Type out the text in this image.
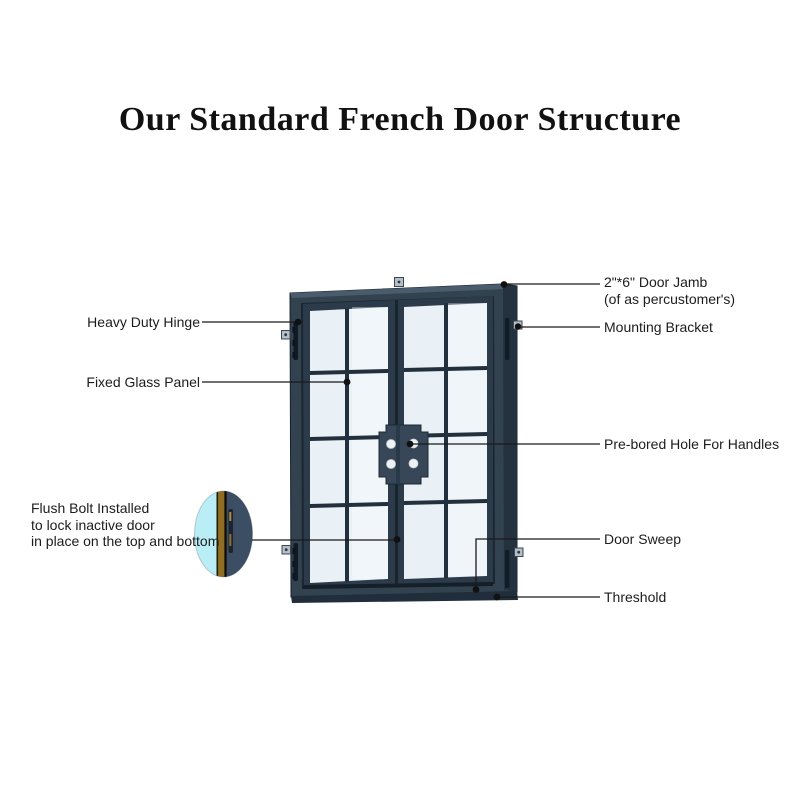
Our Standard French Door Structure
Heavy Duty Hinge
Fixed Glass Panel
Flush Bolt Installed
to lock inactive door
in place on the top and bottom
2"*6" Door Jamb
(of as percustomer's)
Mounting Bracket
Pre-bored Hole For Handles
Door Sweep
Threshold
